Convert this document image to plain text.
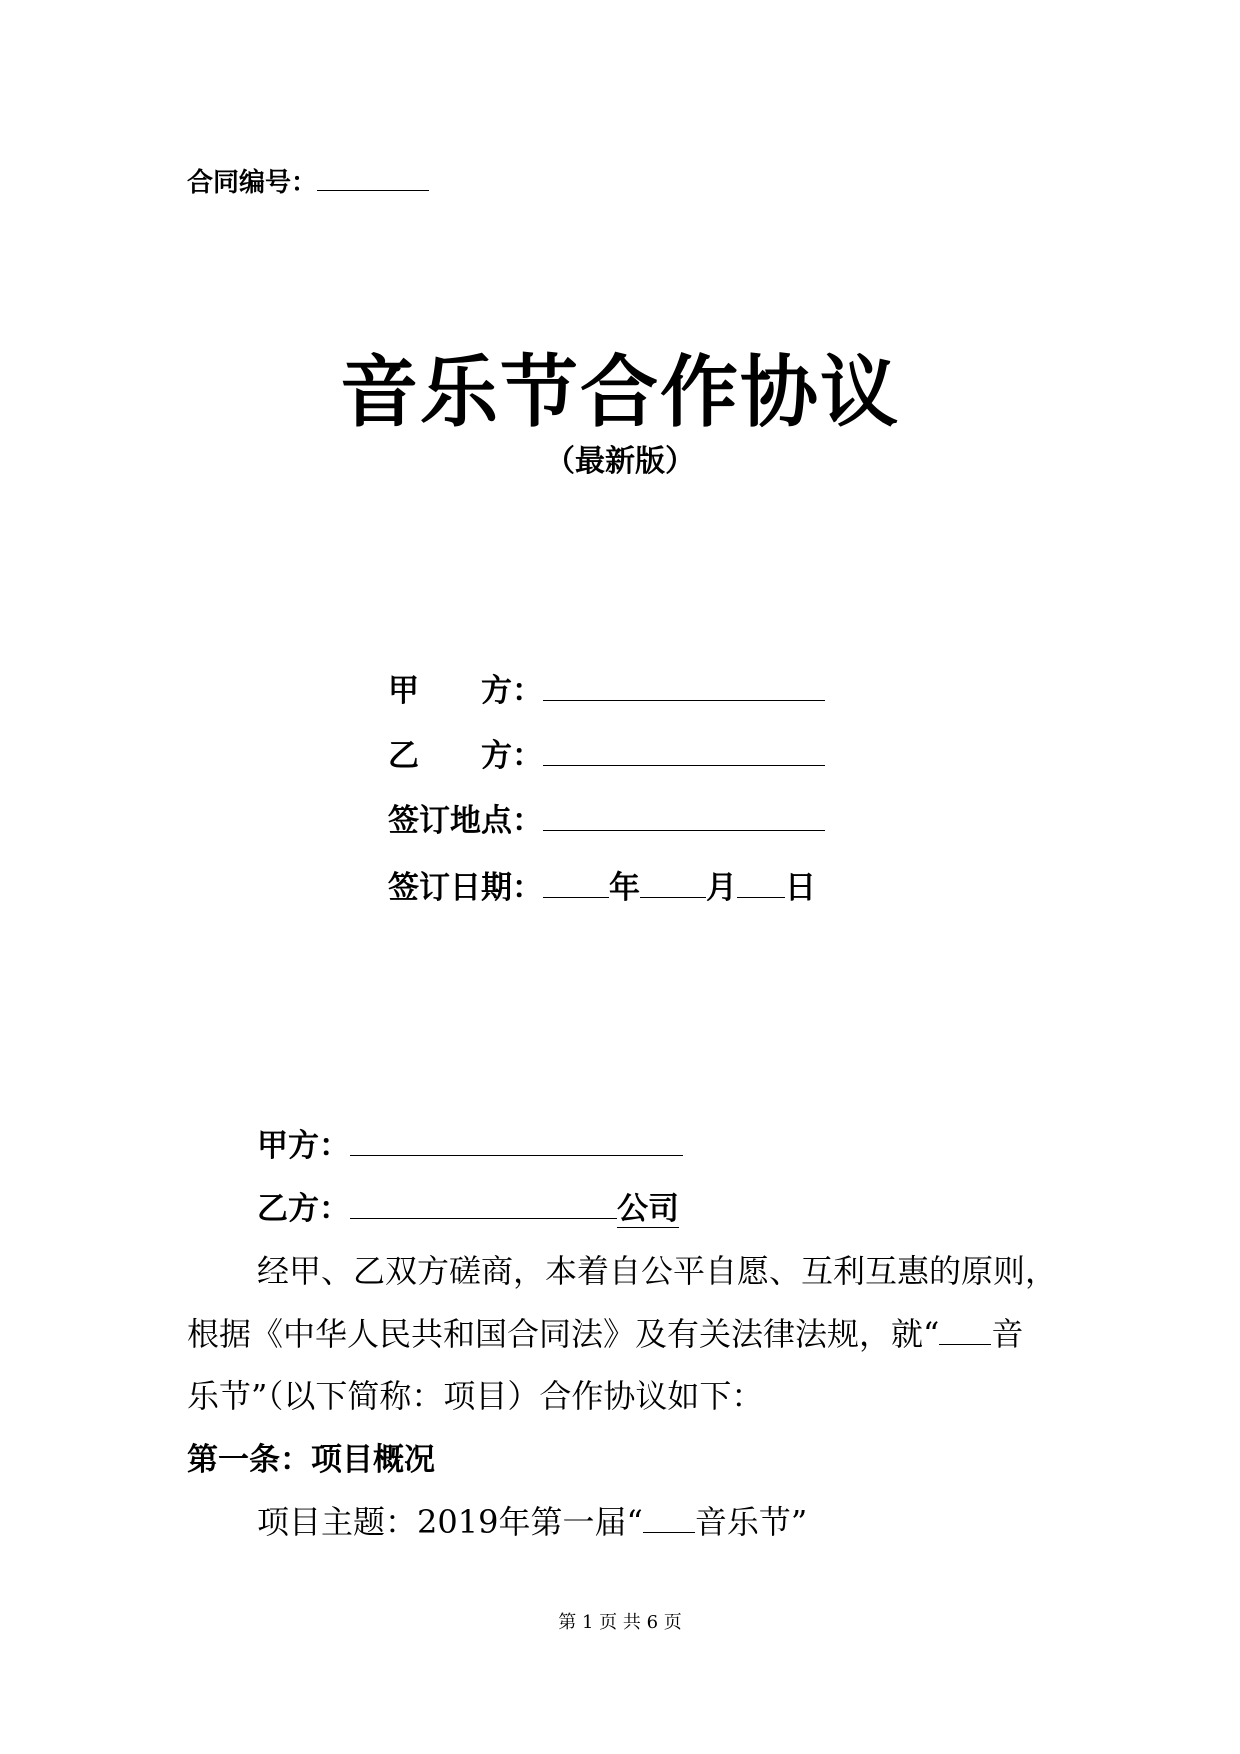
合同编号：
音乐节合作协议
（最新版）
甲　　方：
乙　　方：
签订地点：
签订日期： 年 月 日
甲方：
乙方：	公司
经甲、乙双方磋商，本着自公平自愿、互利互惠的原则，
根据《中华人民共和国合同法》及有关法律法规，就“ 音
乐节”（以下简称：项目）合作协议如下：
第一条：项目概况
项目主题：2019年第一届“ 音乐节”
第 1 页 共 6 页
